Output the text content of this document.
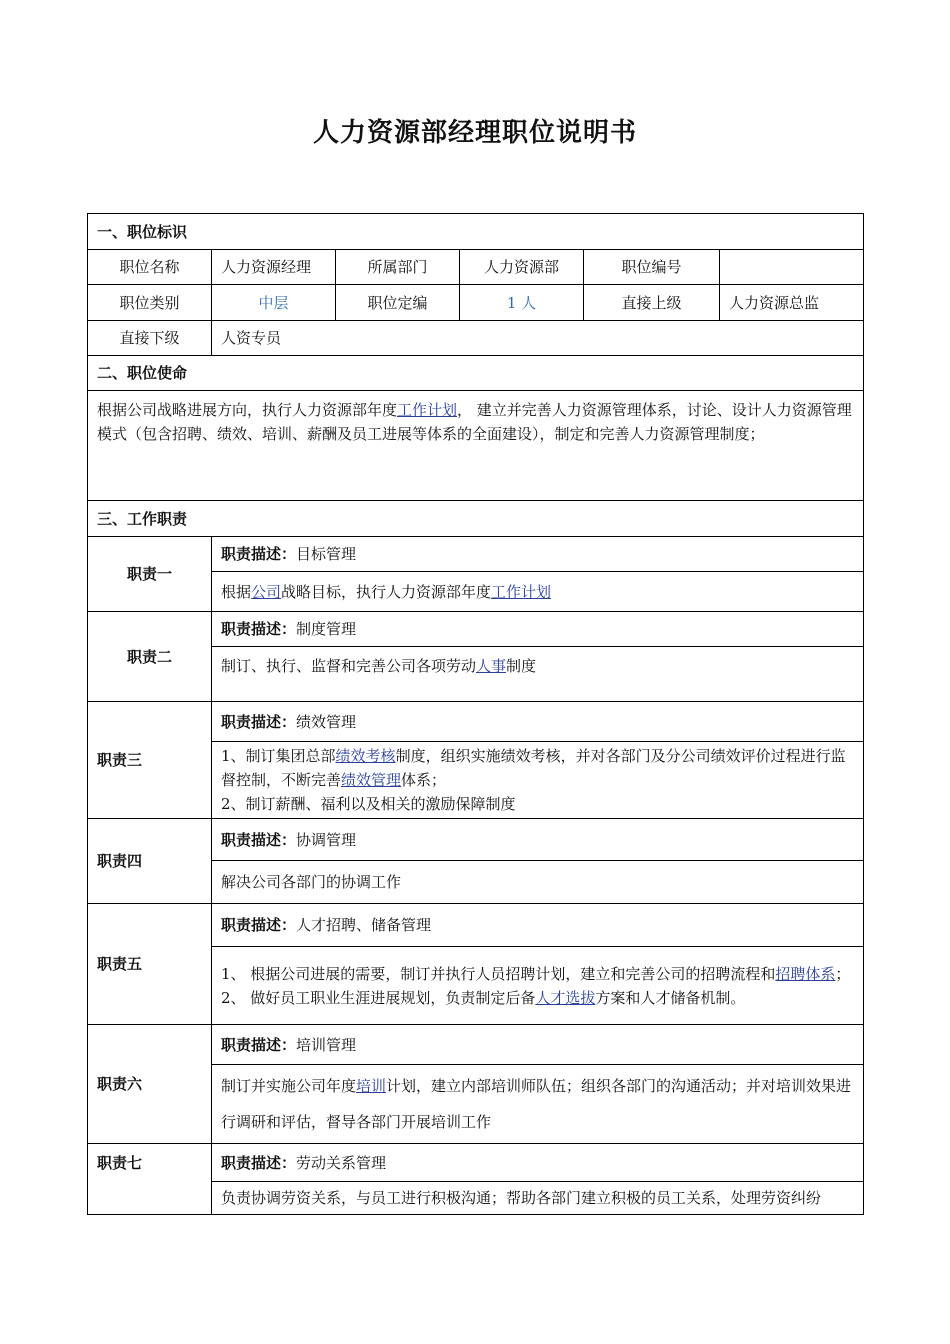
人力资源部经理职位说明书
一、职位标识					
职位名称	人力资源经理	所属部门	人力资源部	职位编号	
职位类别	中层	职位定编	1 人	直接上级	人力资源总监
直接下级	人资专员				
二、职位使命					
根据公司战略进展方向，执行人力资源部年度工作计划， 建立并完善人力资源管理体系，讨论、设计人力资源管理模式（包含招聘、绩效、培训、薪酬及员工进展等体系的全面建设），制定和完善人力资源管理制度；					
三、工作职责					
职责一	职责描述：目标管理				
	根据公司战略目标，执行人力资源部年度工作计划				
职责二	职责描述：制度管理				
	制订、执行、监督和完善公司各项劳动人事制度				
职责三	职责描述：绩效管理				
	1、制订集团总部绩效考核制度，组织实施绩效考核，并对各部门及分公司绩效评价过程进行监督控制，不断完善绩效管理体系；
2、制订薪酬、福利以及相关的激励保障制度				
职责四	职责描述：协调管理				
	解决公司各部门的协调工作				
职责五	职责描述：人才招聘、储备管理				

	1、 根据公司进展的需要，制订并执行人员招聘计划，建立和完善公司的招聘流程和招聘体系；
2、 做好员工职业生涯进展规划，负责制定后备人才选拔方案和人才储备机制。				

职责六	职责描述：培训管理				
	制订并实施公司年度培训计划，建立内部培训师队伍；组织各部门的沟通活动；并对培训效果进行调研和评估，督导各部门开展培训工作				
职责七	职责描述：劳动关系管理				
	负责协调劳资关系，与员工进行积极沟通；帮助各部门建立积极的员工关系，处理劳资纠纷				
